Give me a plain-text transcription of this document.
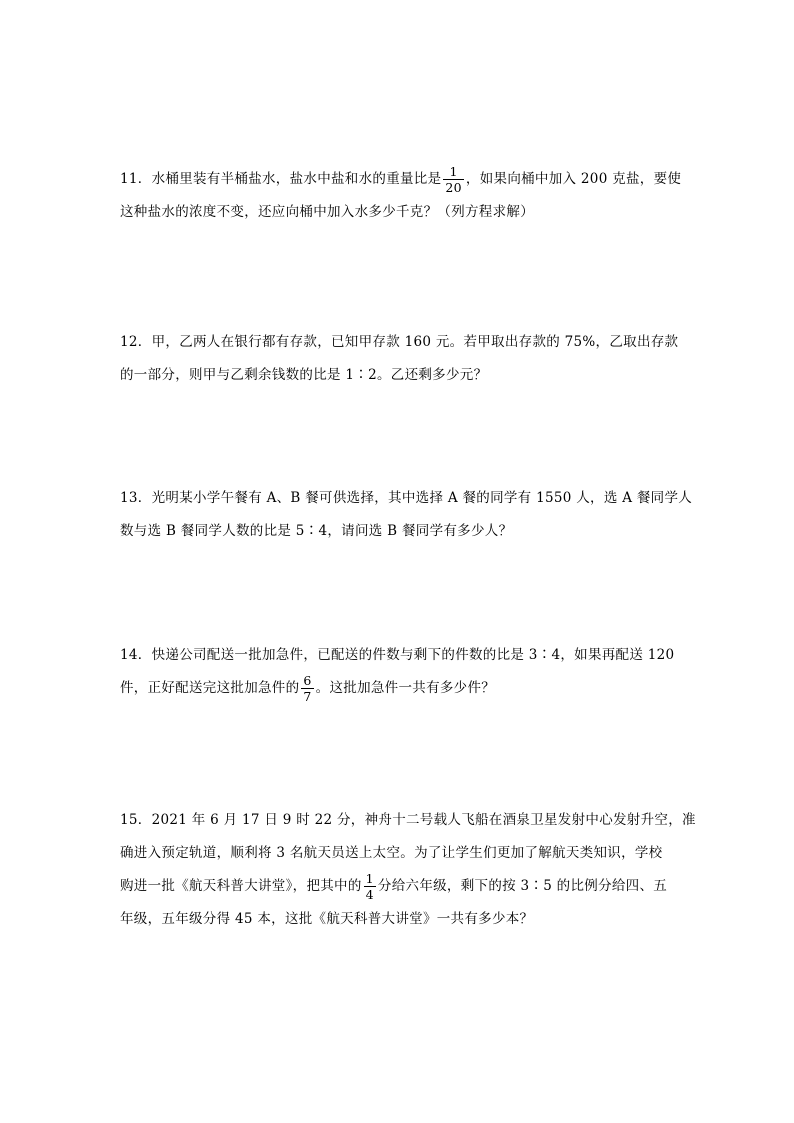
11． 水桶里装有半桶盐水，盐水中盐和水的重量比是 $\frac{1}{20}$ ，如果向桶中加入 200 克盐，要使
这种盐水的浓度不变，还应向桶中加入水多少千克？（列方程求解）
12． 甲，乙两人在银行都有存款，已知甲存款 160 元。若甲取出存款的 75%，乙取出存款
的一部分，则甲与乙剩余钱数的比是 1∶2。乙还剩多少元？
13． 光明某小学午餐有 A、B 餐可供选择，其中选择 A 餐的同学有 1550 人，选 A 餐同学人
数与选 B 餐同学人数的比是 5∶4，请问选 B 餐同学有多少人？
14． 快递公司配送一批加急件，已配送的件数与剩下的件数的比是 3∶4，如果再配送 120
件，正好配送完这批加急件的 $\frac{6}{7}$ 。这批加急件一共有多少件？
15． 2021 年 6 月 17 日 9 时 22 分，神舟十二号载人飞船在酒泉卫星发射中心发射升空，准
确进入预定轨道，顺利将 3 名航天员送上太空。为了让学生们更加了解航天类知识，学校
购进一批《航天科普大讲堂》，把其中的 $\frac{1}{4}$ 分给六年级，剩下的按 3∶5 的比例分给四、五
年级，五年级分得 45 本，这批《航天科普大讲堂》一共有多少本？
